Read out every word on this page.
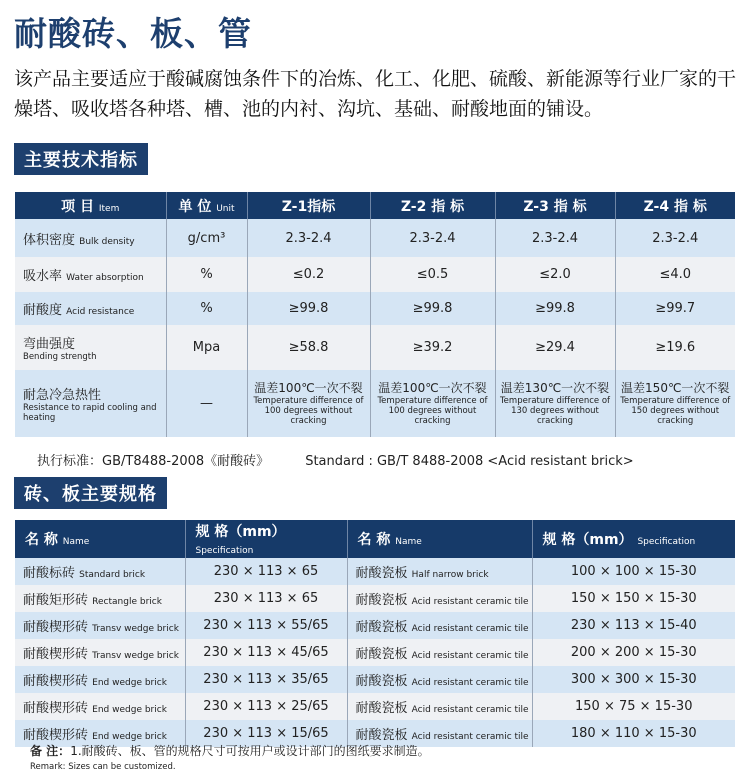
耐酸砖、板、管
该产品主要适应于酸碱腐蚀条件下的冶炼、化工、化肥、硫酸、新能源等行业厂家的干燥塔、吸收塔各种塔、槽、池的内衬、沟坑、基础、耐酸地面的铺设。
主要技术指标
项 目 Item	单 位 Unit	Z-1指标	Z-2 指 标	Z-3 指 标	Z-4 指 标
体积密度 Bulk density	g/cm³	2.3-2.4	2.3-2.4	2.3-2.4	2.3-2.4
吸水率 Water absorption	%	≤0.2	≤0.5	≤2.0	≤4.0
耐酸度 Acid resistance	%	≥99.8	≥99.8	≥99.8	≥99.7
弯曲强度
Bending strength	Mpa	≥58.8	≥39.2	≥29.4	≥19.6
耐急冷急热性
Resistance to rapid cooling and heating	—	温差100℃一次不裂
Temperature difference of 100 degrees without cracking	温差100℃一次不裂
Temperature difference of 100 degrees without cracking	温差130℃一次不裂
Temperature difference of 130 degrees without cracking	温差150℃一次不裂
Temperature difference of 150 degrees without cracking
执行标准：GB/T8488-2008《耐酸砖》	Standard : GB/T 8488-2008 <Acid resistant brick>
砖、板主要规格
名 称 Name	规 格（mm） Specification	名 称 Name	规 格（mm） Specification
耐酸标砖 Standard brick	230 × 113 × 65	耐酸瓷板 Half narrow brick	100 × 100 × 15-30
耐酸矩形砖 Rectangle brick	230 × 113 × 65	耐酸瓷板 Acid resistant ceramic tile	150 × 150 × 15-30
耐酸楔形砖 Transv wedge brick	230 × 113 × 55/65	耐酸瓷板 Acid resistant ceramic tile	230 × 113 × 15-40
耐酸楔形砖 Transv wedge brick	230 × 113 × 45/65	耐酸瓷板 Acid resistant ceramic tile	200 × 200 × 15-30
耐酸楔形砖 End wedge brick	230 × 113 × 35/65	耐酸瓷板 Acid resistant ceramic tile	300 × 300 × 15-30
耐酸楔形砖 End wedge brick	230 × 113 × 25/65	耐酸瓷板 Acid resistant ceramic tile	150 × 75 × 15-30
耐酸楔形砖 End wedge brick	230 × 113 × 15/65	耐酸瓷板 Acid resistant ceramic tile	180 × 110 × 15-30
备 注：1.耐酸砖、板、管的规格尺寸可按用户或设计部门的图纸要求制造。
Remark: Sizes can be customized.
